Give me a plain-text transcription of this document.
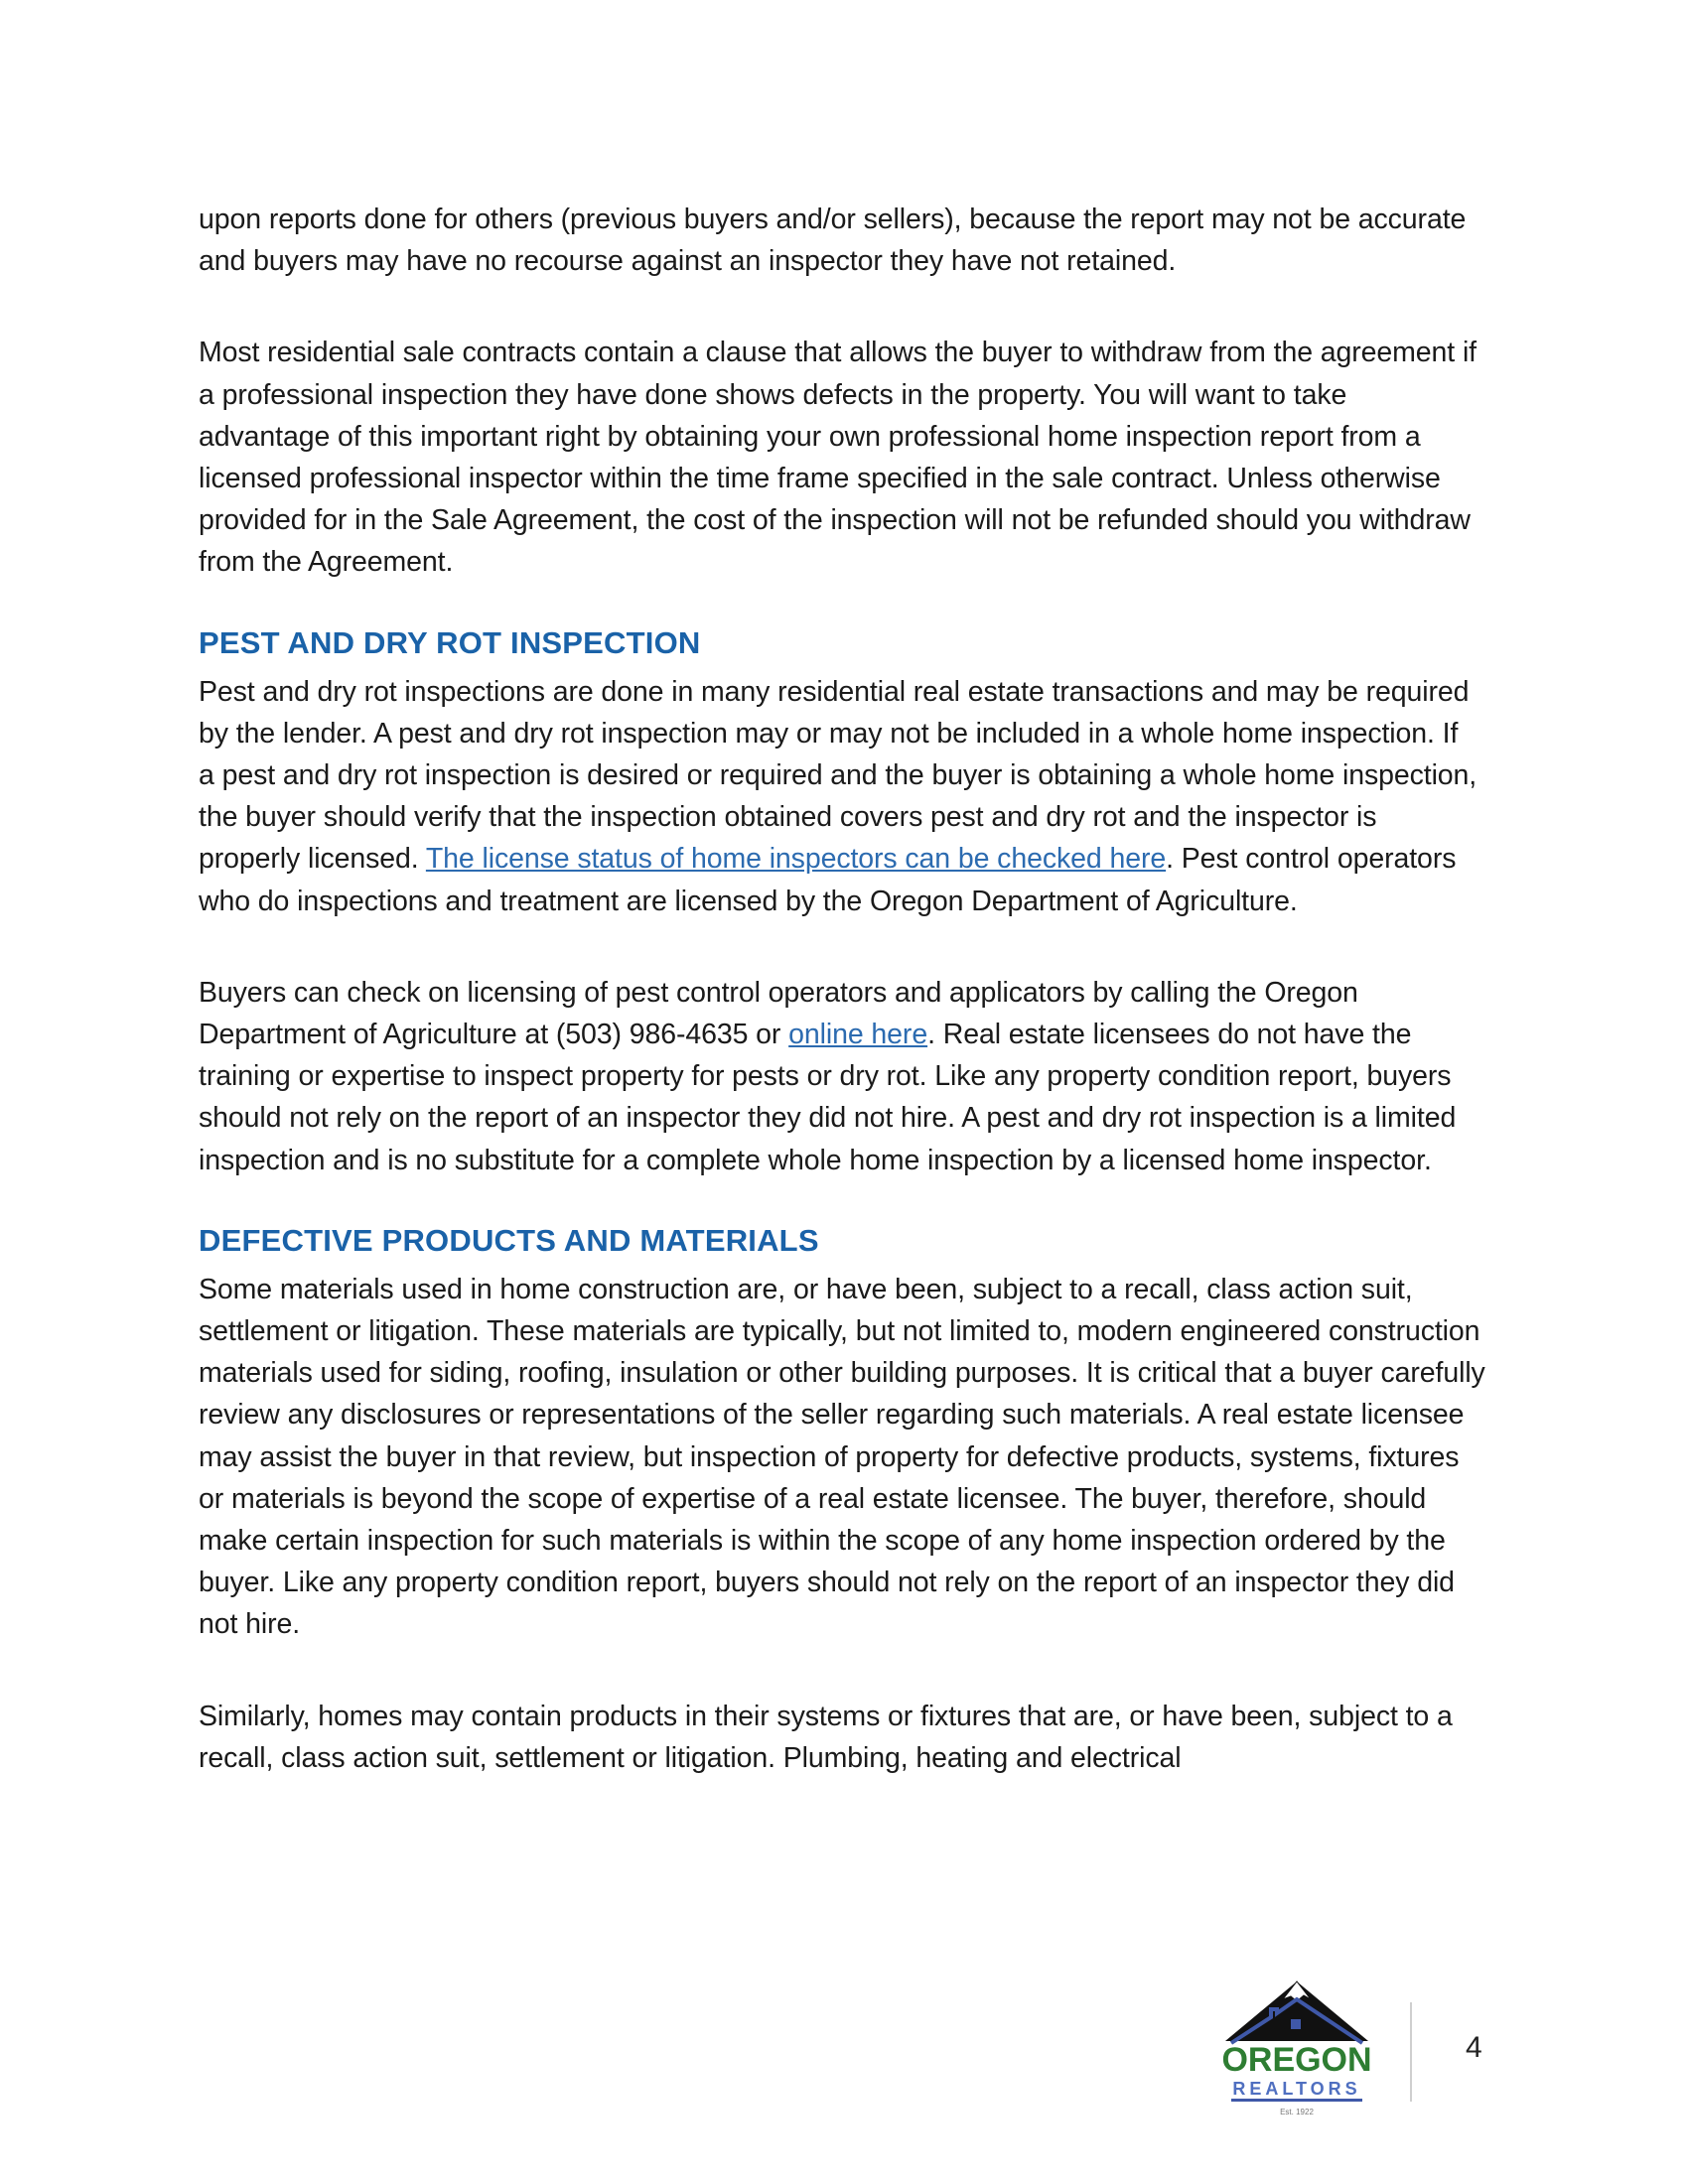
upon reports done for others (previous buyers and/or sellers), because the report may not be accurate and buyers may have no recourse against an inspector they have not retained.

Most residential sale contracts contain a clause that allows the buyer to withdraw from the agreement if a professional inspection they have done shows defects in the property. You will want to take advantage of this important right by obtaining your own professional home inspection report from a licensed professional inspector within the time frame specified in the sale contract. Unless otherwise provided for in the Sale Agreement, the cost of the inspection will not be refunded should you withdraw from the Agreement.

PEST AND DRY ROT INSPECTION

Pest and dry rot inspections are done in many residential real estate transactions and may be required by the lender. A pest and dry rot inspection may or may not be included in a whole home inspection. If a pest and dry rot inspection is desired or required and the buyer is obtaining a whole home inspection, the buyer should verify that the inspection obtained covers pest and dry rot and the inspector is properly licensed. The license status of home inspectors can be checked here. Pest control operators who do inspections and treatment are licensed by the Oregon Department of Agriculture.

Buyers can check on licensing of pest control operators and applicators by calling the Oregon Department of Agriculture at (503) 986-4635 or online here. Real estate licensees do not have the training or expertise to inspect property for pests or dry rot. Like any property condition report, buyers should not rely on the report of an inspector they did not hire. A pest and dry rot inspection is a limited inspection and is no substitute for a complete whole home inspection by a licensed home inspector.

DEFECTIVE PRODUCTS AND MATERIALS

Some materials used in home construction are, or have been, subject to a recall, class action suit, settlement or litigation. These materials are typically, but not limited to, modern engineered construction materials used for siding, roofing, insulation or other building purposes. It is critical that a buyer carefully review any disclosures or representations of the seller regarding such materials. A real estate licensee may assist the buyer in that review, but inspection of property for defective products, systems, fixtures or materials is beyond the scope of expertise of a real estate licensee. The buyer, therefore, should make certain inspection for such materials is within the scope of any home inspection ordered by the buyer. Like any property condition report, buyers should not rely on the report of an inspector they did not hire.

Similarly, homes may contain products in their systems or fixtures that are, or have been, subject to a recall, class action suit, settlement or litigation. Plumbing, heating and electrical

OREGON
REALTORS
Est. 1922
4
